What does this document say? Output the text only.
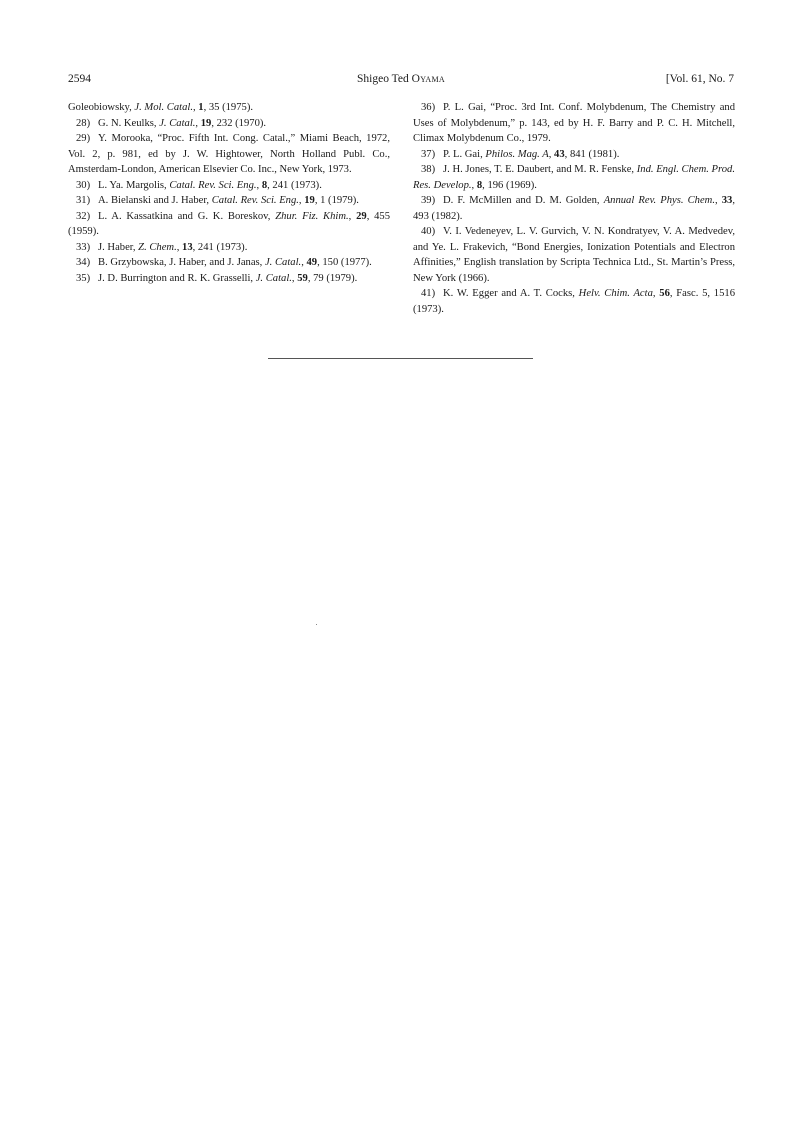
2594	Shigeo Ted Oyama	[Vol. 61, No. 7

Goleobiowsky, J. Mol. Catal., 1, 35 (1975).

28) G. N. Keulks, J. Catal., 19, 232 (1970).

29) Y. Morooka, “Proc. Fifth Int. Cong. Catal.,” Miami Beach, 1972, Vol. 2, p. 981, ed by J. W. Hightower, North Holland Publ. Co., Amsterdam-London, American Elsevier Co. Inc., New York, 1973.

30) L. Ya. Margolis, Catal. Rev. Sci. Eng., 8, 241 (1973).

31) A. Bielanski and J. Haber, Catal. Rev. Sci. Eng., 19, 1 (1979).

32) L. A. Kassatkina and G. K. Boreskov, Zhur. Fiz. Khim., 29, 455 (1959).

33) J. Haber, Z. Chem., 13, 241 (1973).

34) B. Grzybowska, J. Haber, and J. Janas, J. Catal., 49, 150 (1977).

35) J. D. Burrington and R. K. Grasselli, J. Catal., 59, 79 (1979).

36) P. L. Gai, “Proc. 3rd Int. Conf. Molybdenum, The Chemistry and Uses of Molybdenum,” p. 143, ed by H. F. Barry and P. C. H. Mitchell, Climax Molybdenum Co., 1979.

37) P. L. Gai, Philos. Mag. A, 43, 841 (1981).

38) J. H. Jones, T. E. Daubert, and M. R. Fenske, Ind. Engl. Chem. Prod. Res. Develop., 8, 196 (1969).

39) D. F. McMillen and D. M. Golden, Annual Rev. Phys. Chem., 33, 493 (1982).

40) V. I. Vedeneyev, L. V. Gurvich, V. N. Kondratyev, V. A. Medvedev, and Ye. L. Frakevich, “Bond Energies, Ionization Potentials and Electron Affinities,” English translation by Scripta Technica Ltd., St. Martin’s Press, New York (1966).

41) K. W. Egger and A. T. Cocks, Helv. Chim. Acta, 56, Fasc. 5, 1516 (1973).
